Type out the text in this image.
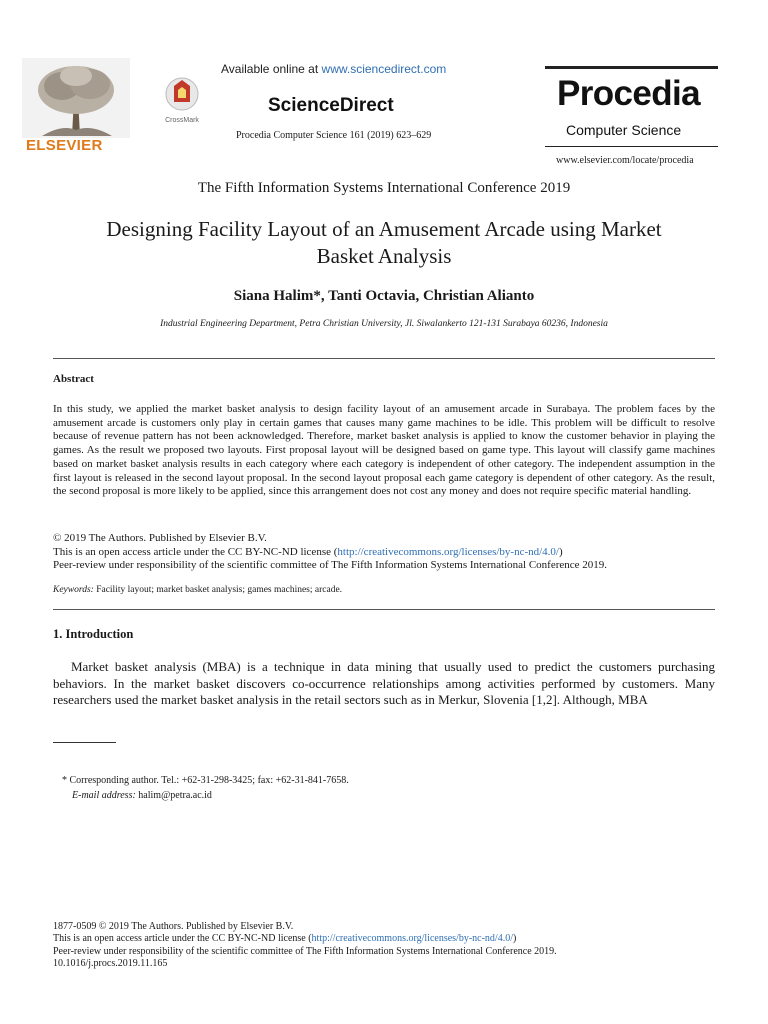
ELSEVIER
CrossMark
Available online at www.sciencedirect.com
ScienceDirect
Procedia Computer Science 161 (2019) 623–629
Procedia
Computer Science
www.elsevier.com/locate/procedia
The Fifth Information Systems International Conference 2019
Designing Facility Layout of an Amusement Arcade using Market
Basket Analysis
Siana Halim*, Tanti Octavia, Christian Alianto
Industrial Engineering Department, Petra Christian University, Jl. Siwalankerto 121-131 Surabaya 60236, Indonesia
Abstract
In this study, we applied the market basket analysis to design facility layout of an amusement arcade in Surabaya. The problem faces by the amusement arcade is customers only play in certain games that causes many game machines to be idle. This problem will be difficult to resolve because of revenue pattern has not been acknowledged. Therefore, market basket analysis is applied to know the customer behavior in playing the games. As the result we proposed two layouts. First proposal layout will be designed based on game type. This layout will classify game machines based on market basket analysis results in each category where each category is independent of other category. The independent assumption in the first layout is released in the second layout proposal. In the second layout proposal each game category is dependent of other category. As the result, the second proposal is more likely to be applied, since this arrangement does not cost any money and does not require specific material handling.
© 2019 The Authors. Published by Elsevier B.V.
This is an open access article under the CC BY-NC-ND license (http://creativecommons.org/licenses/by-nc-nd/4.0/)
Peer-review under responsibility of the scientific committee of The Fifth Information Systems International Conference 2019.
Keywords: Facility layout; market basket analysis; games machines; arcade.
1. Introduction
Market basket analysis (MBA) is a technique in data mining that usually used to predict the customers purchasing behaviors. In the market basket discovers co-occurrence relationships among activities performed by customers. Many researchers used the market basket analysis in the retail sectors such as in Merkur, Slovenia [1,2]. Although, MBA
* Corresponding author. Tel.: +62-31-298-3425; fax: +62-31-841-7658.
E-mail address: halim@petra.ac.id
1877-0509 © 2019 The Authors. Published by Elsevier B.V.
This is an open access article under the CC BY-NC-ND license (http://creativecommons.org/licenses/by-nc-nd/4.0/)
Peer-review under responsibility of the scientific committee of The Fifth Information Systems International Conference 2019.
10.1016/j.procs.2019.11.165
